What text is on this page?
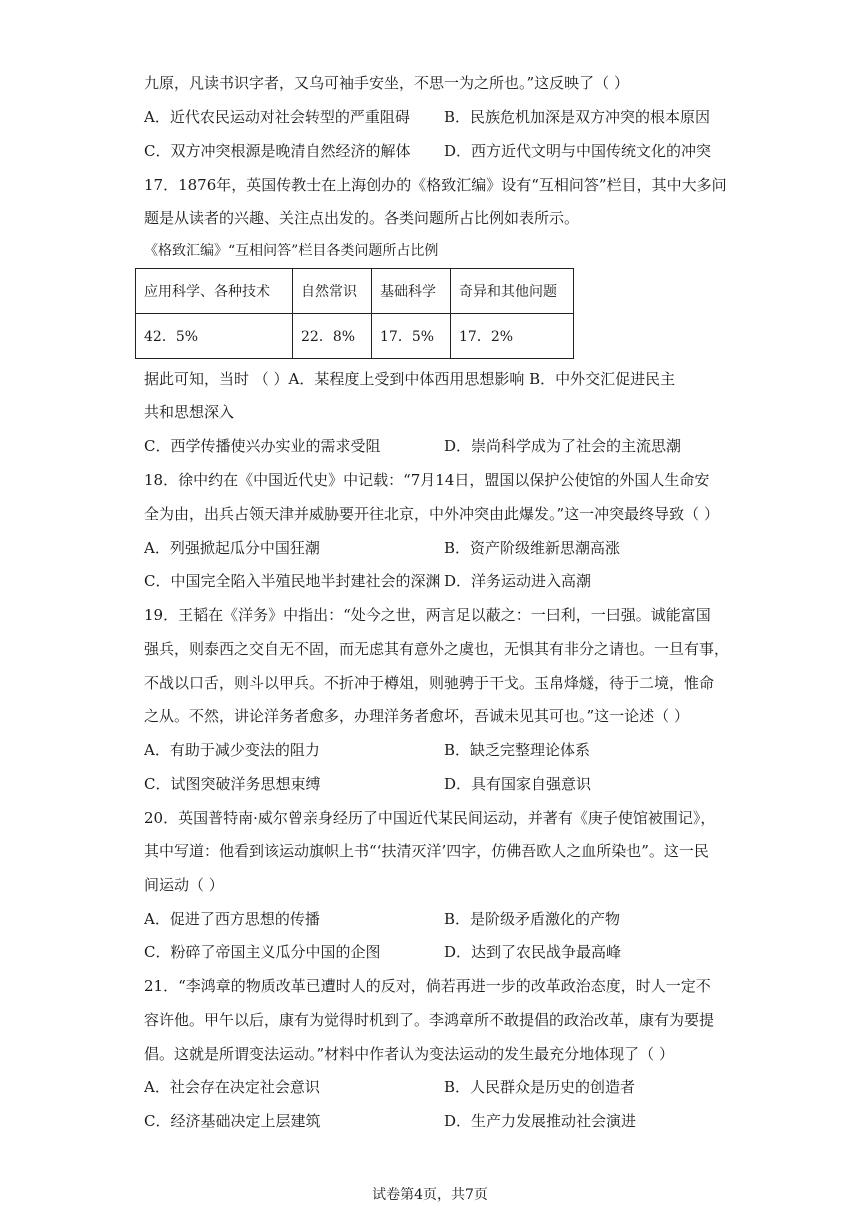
九原，凡读书识字者，又乌可袖手安坐，不思一为之所也。”这反映了（ ）
A．近代农民运动对社会转型的严重阻碍 B．民族危机加深是双方冲突的根本原因
C．双方冲突根源是晚清自然经济的解体 D．西方近代文明与中国传统文化的冲突
17．1876年，英国传教士在上海创办的《格致汇编》设有“互相问答”栏目，其中大多问
题是从读者的兴趣、关注点出发的。各类问题所占比例如表所示。
《格致汇编》“互相问答”栏目各类问题所占比例
应用科学、各种技术	自然常识	基础科学	奇异和其他问题
42．5%	22．8%	17．5%	17．2%
据此可知，当时 （ ）A．某程度上受到中体西用思想影响 B．中外交汇促进民主
共和思想深入
C．西学传播使兴办实业的需求受阻	D．崇尚科学成为了社会的主流思潮
18．徐中约在《中国近代史》中记载：“7月14日，盟国以保护公使馆的外国人生命安
全为由，出兵占领天津并威胁要开往北京，中外冲突由此爆发。”这一冲突最终导致（ ）
A．列强掀起瓜分中国狂潮	B．资产阶级维新思潮高涨
C．中国完全陷入半殖民地半封建社会的深渊 D．洋务运动进入高潮
19．王韬在《洋务》中指出：“处今之世，两言足以蔽之：一曰利，一曰强。诚能富国
强兵，则泰西之交自无不固，而无虑其有意外之虞也，无惧其有非分之请也。一旦有事，
不战以口舌，则斗以甲兵。不折冲于樽俎，则驰骋于干戈。玉帛烽燧，待于二境，惟命
之从。不然，讲论洋务者愈多，办理洋务者愈坏，吾诚未见其可也。”这一论述（ ）
A．有助于减少变法的阻力	B．缺乏完整理论体系
C．试图突破洋务思想束缚	D．具有国家自强意识
20．英国普特南·威尔曾亲身经历了中国近代某民间运动，并著有《庚子使馆被围记》，
其中写道：他看到该运动旗帜上书“‘扶清灭洋’四字，仿佛吾欧人之血所染也”。这一民
间运动（ ）
A．促进了西方思想的传播	B．是阶级矛盾激化的产物
C．粉碎了帝国主义瓜分中国的企图	D．达到了农民战争最高峰
21．“李鸿章的物质改革已遭时人的反对，倘若再进一步的改革政治态度，时人一定不
容许他。甲午以后，康有为觉得时机到了。李鸿章所不敢提倡的政治改革，康有为要提
倡。这就是所谓变法运动。”材料中作者认为变法运动的发生最充分地体现了（ ）
A．社会存在决定社会意识	B．人民群众是历史的创造者
C．经济基础决定上层建筑	D．生产力发展推动社会演进
试卷第4页，共7页
